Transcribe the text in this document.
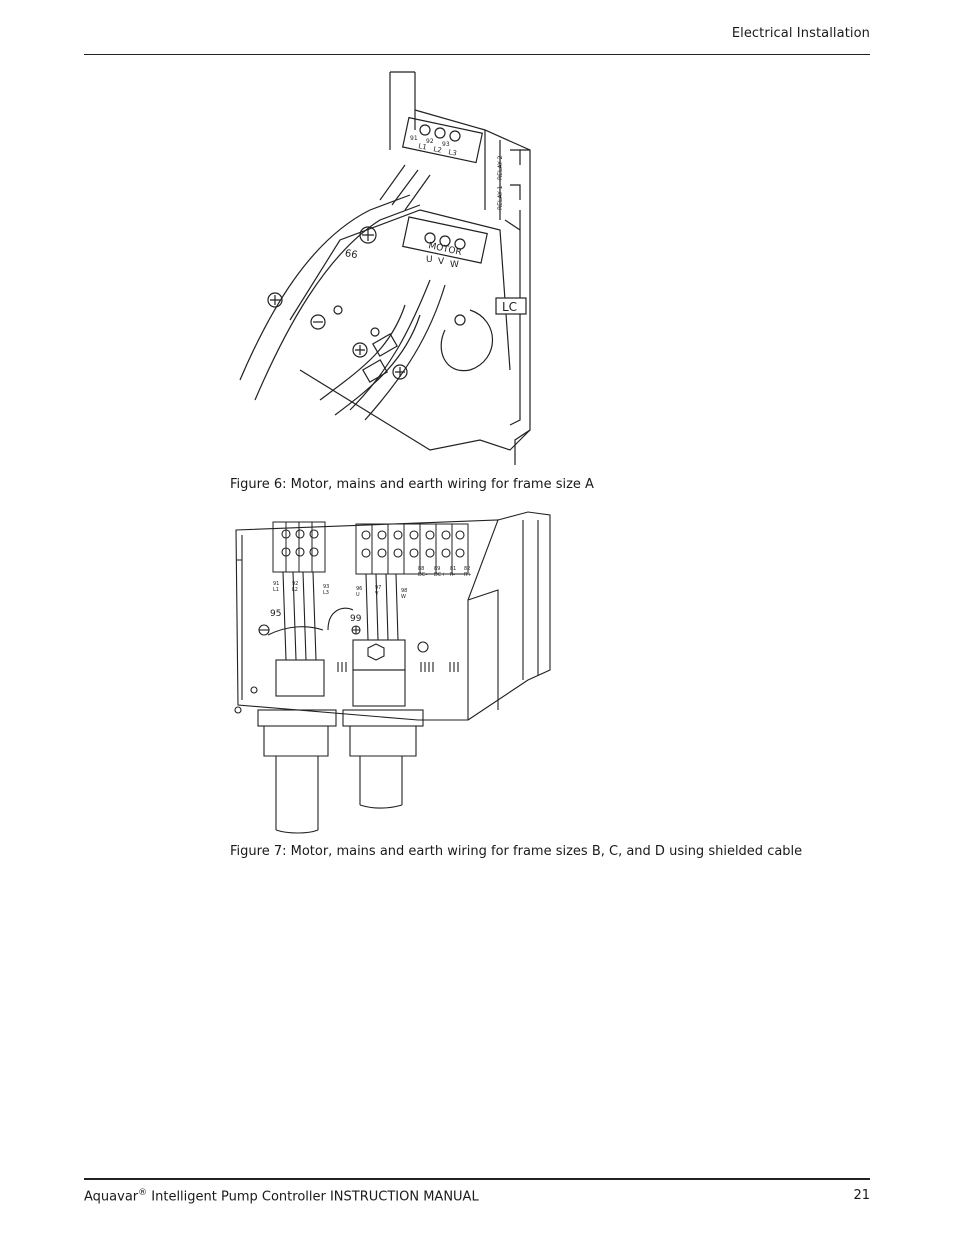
Electrical Installation
L1 L2 L3
91 92 93
RELAY 2
RELAY 1
MOTOR
U V W
99
LC
Figure 6: Motor, mains and earth wiring for frame size A
91
L1
92
L2	93
L3
96
U
97
V	98
W
88
DC-
89
DC+
81
R-
82
R+
95	99
Figure 7: Motor, mains and earth wiring for frame sizes B, C, and D using shielded cable
Aquavar® Intelligent Pump Controller INSTRUCTION MANUAL	21
